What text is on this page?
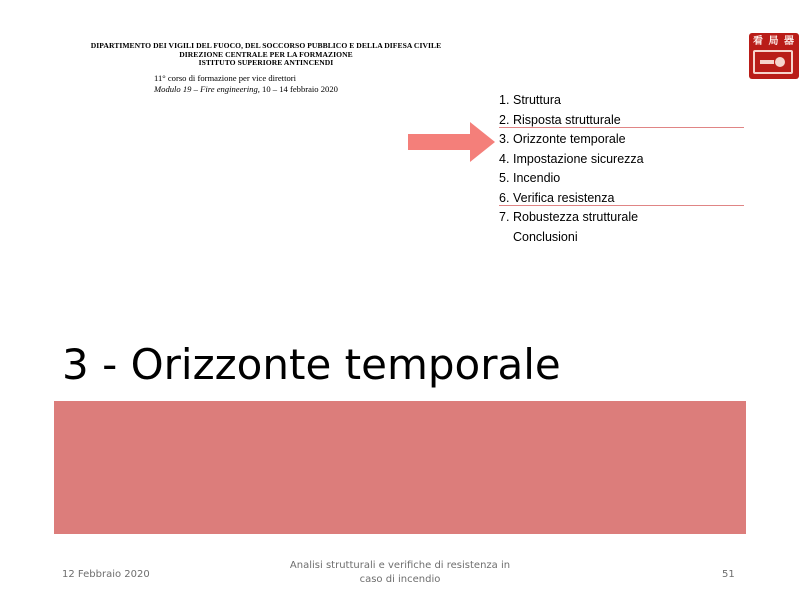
DIPARTIMENTO DEI VIGILI DEL FUOCO, DEL SOCCORSO PUBBLICO E DELLA DIFESA CIVILE
DIREZIONE CENTRALE PER LA FORMAZIONE
ISTITUTO SUPERIORE ANTINCENDI
11° corso di formazione per vice direttori
Modulo 19 – Fire engineering, 10 – 14 febbraio 2020
看 局 器
1. Struttura
2. Risposta strutturale
3. Orizzonte temporale
4. Impostazione sicurezza
5. Incendio
6. Verifica resistenza
7. Robustezza strutturale
Conclusioni
3 - Orizzonte temporale
12 Febbraio 2020
Analisi strutturali e verifiche di resistenza in
caso di incendio	51
